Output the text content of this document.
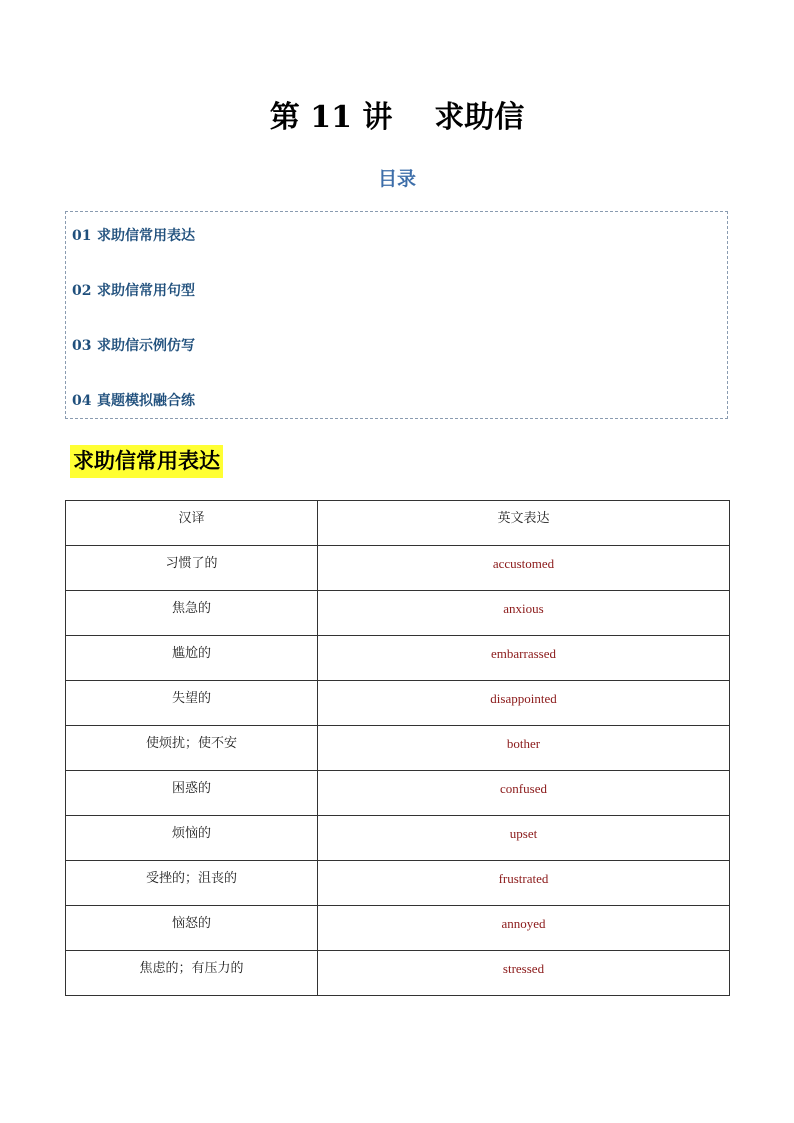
第 11 讲    求助信
目录
01 求助信常用表达
02 求助信常用句型
03 求助信示例仿写
04 真题模拟融合练
求助信常用表达
汉译	英文表达

习惯了的	accustomed

焦急的	anxious

尴尬的	embarrassed

失望的	disappointed

使烦扰；使不安	bother

困惑的	confused

烦恼的	upset

受挫的；沮丧的	frustrated

恼怒的	annoyed

焦虑的；有压力的	stressed
